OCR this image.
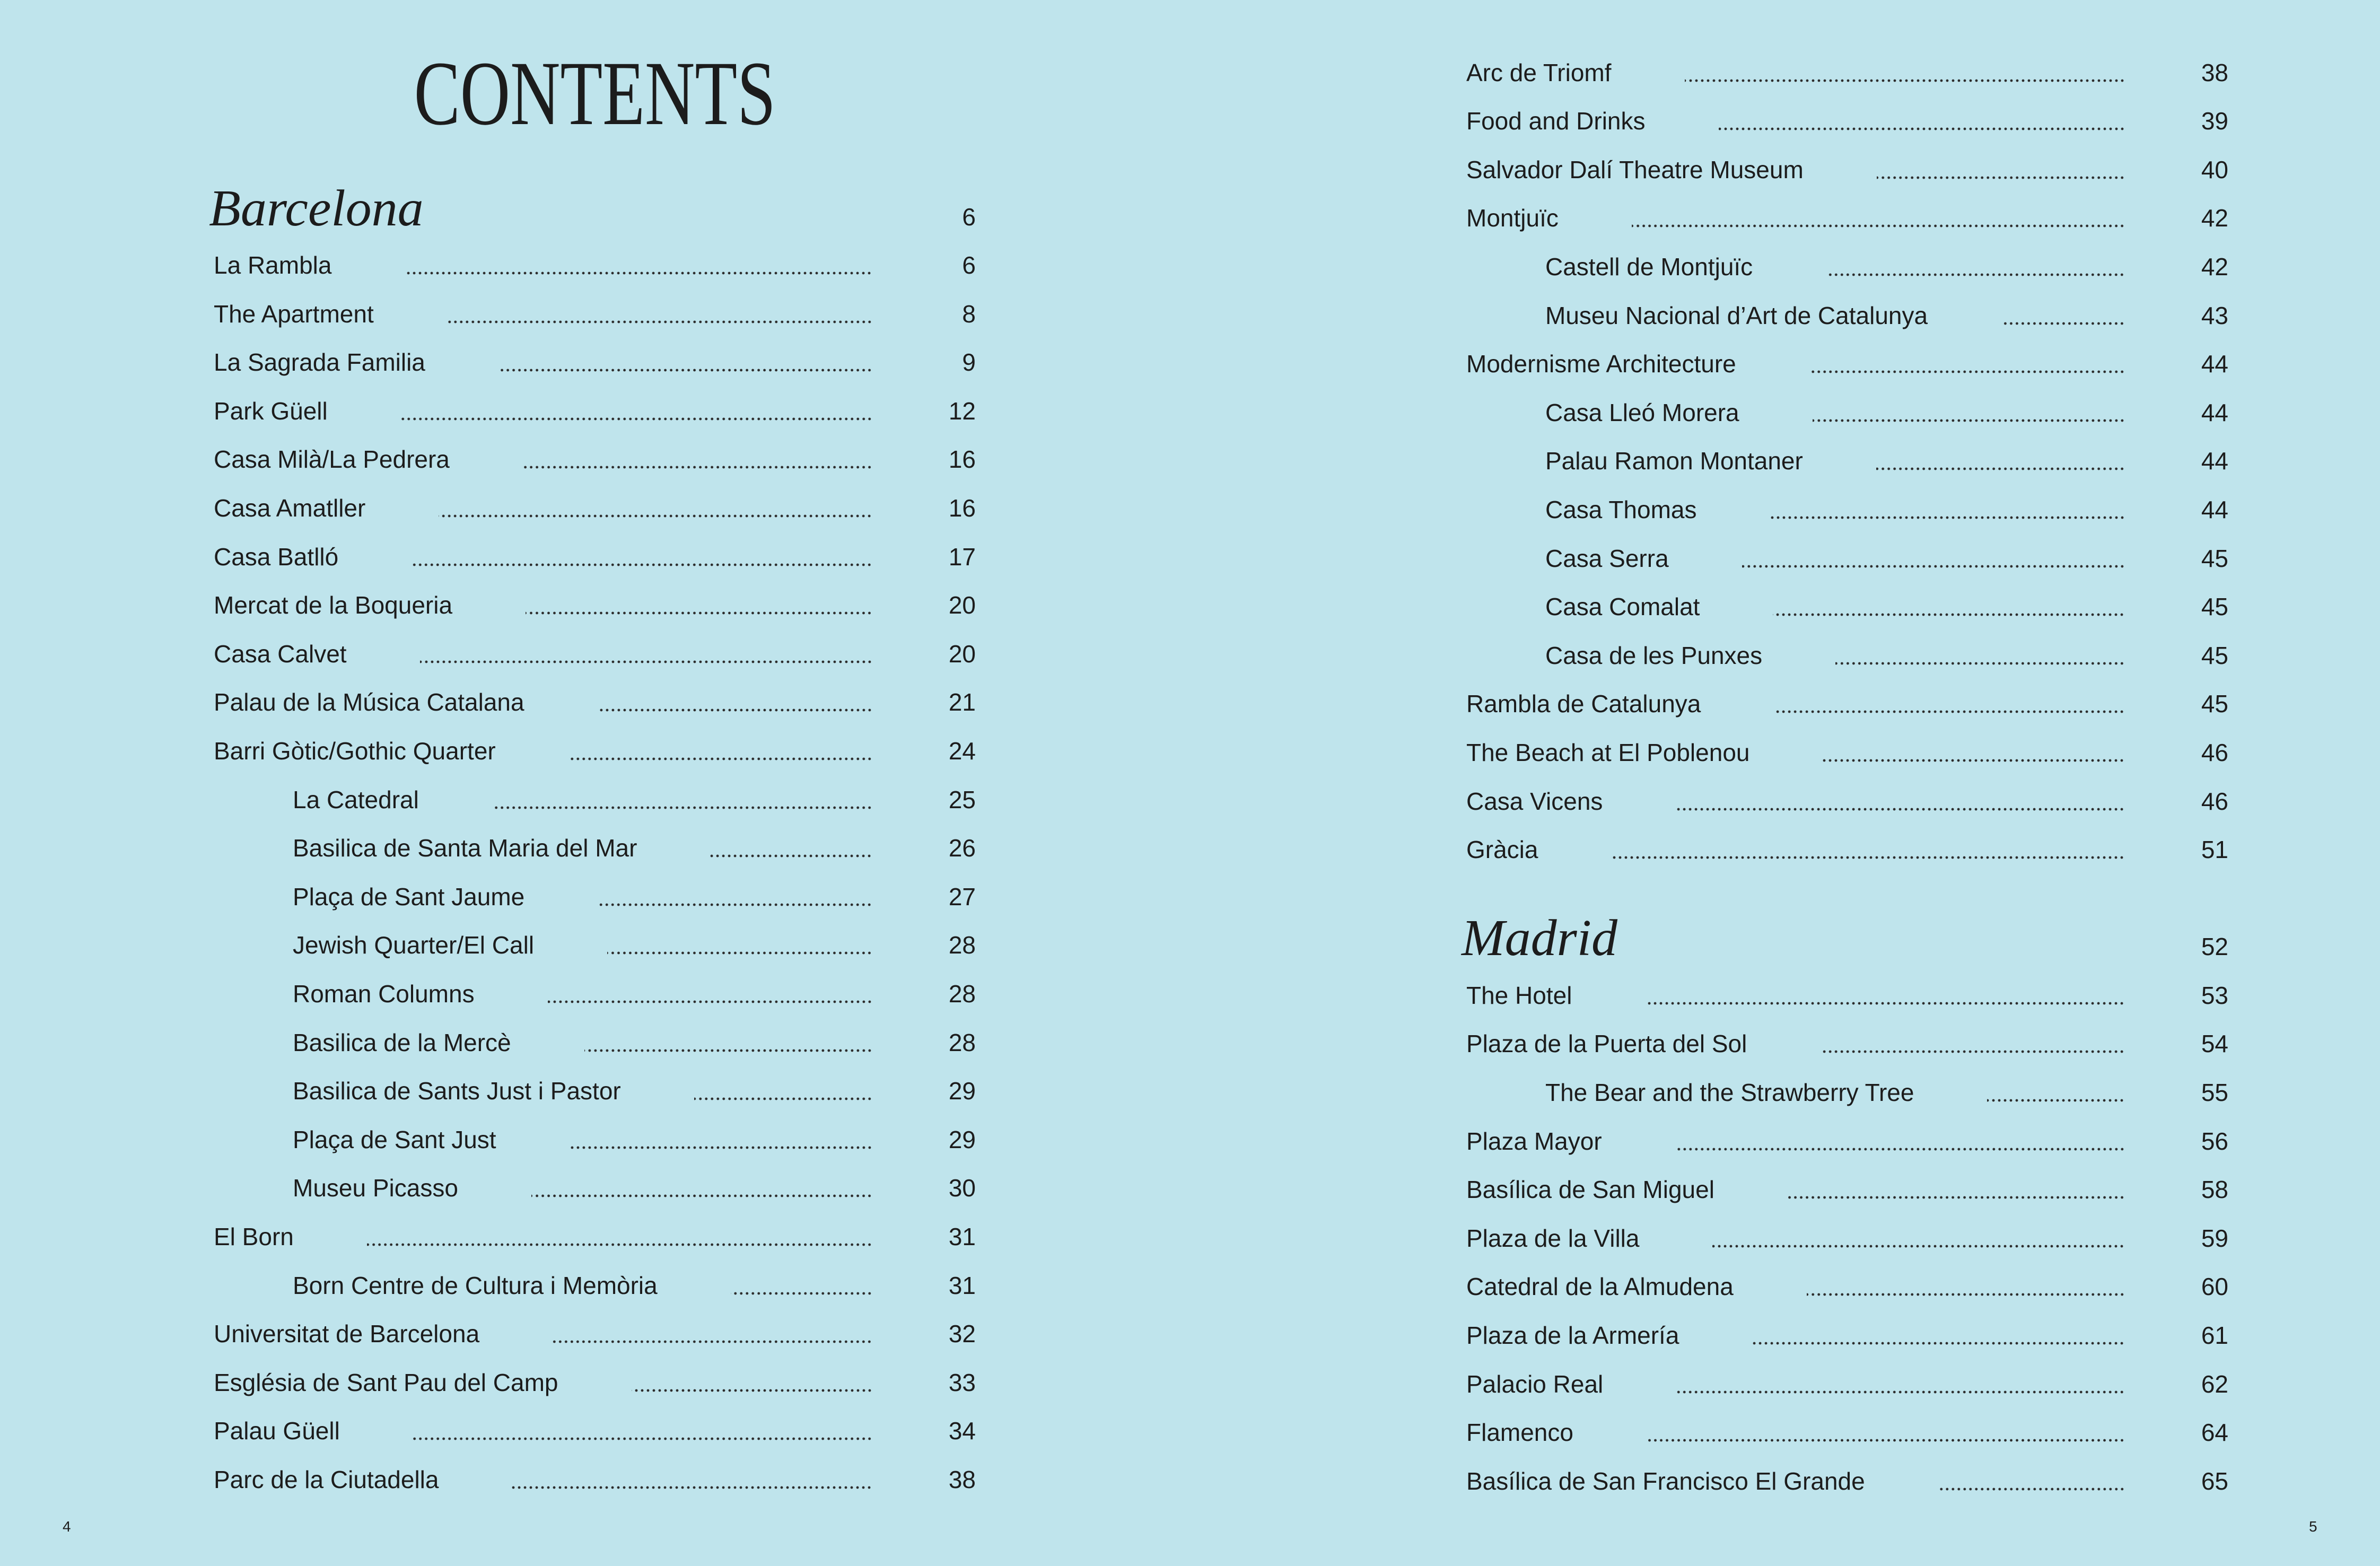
CONTENTS
Barcelona	6
La Rambla	6
The Apartment	8
La Sagrada Familia	9
Park Güell	12
Casa Milà/La Pedrera	16
Casa Amatller	16
Casa Batlló	17
Mercat de la Boqueria	20
Casa Calvet	20
Palau de la Música Catalana	21
Barri Gòtic/Gothic Quarter	24
La Catedral	25
Basilica de Santa Maria del Mar	26
Plaça de Sant Jaume	27
Jewish Quarter/El Call	28
Roman Columns	28
Basilica de la Mercè	28
Basilica de Sants Just i Pastor	29
Plaça de Sant Just	29
Museu Picasso	30
El Born	31
Born Centre de Cultura i Memòria	31
Universitat de Barcelona	32
Església de Sant Pau del Camp	33
Palau Güell	34
Parc de la Ciutadella	38
4
Arc de Triomf	38
Food and Drinks	39
Salvador Dalí Theatre Museum	40
Montjuïc	42
Castell de Montjuïc	42
Museu Nacional d’Art de Catalunya	43
Modernisme Architecture	44
Casa Lleó Morera	44
Palau Ramon Montaner	44
Casa Thomas	44
Casa Serra	45
Casa Comalat	45
Casa de les Punxes	45
Rambla de Catalunya	45
The Beach at El Poblenou	46
Casa Vicens	46
Gràcia	51
Madrid	52
The Hotel	53
Plaza de la Puerta del Sol	54
The Bear and the Strawberry Tree	55
Plaza Mayor	56
Basílica de San Miguel	58
Plaza de la Villa	59
Catedral de la Almudena	60
Plaza de la Armería	61
Palacio Real	62
Flamenco	64
Basílica de San Francisco El Grande	65
5
